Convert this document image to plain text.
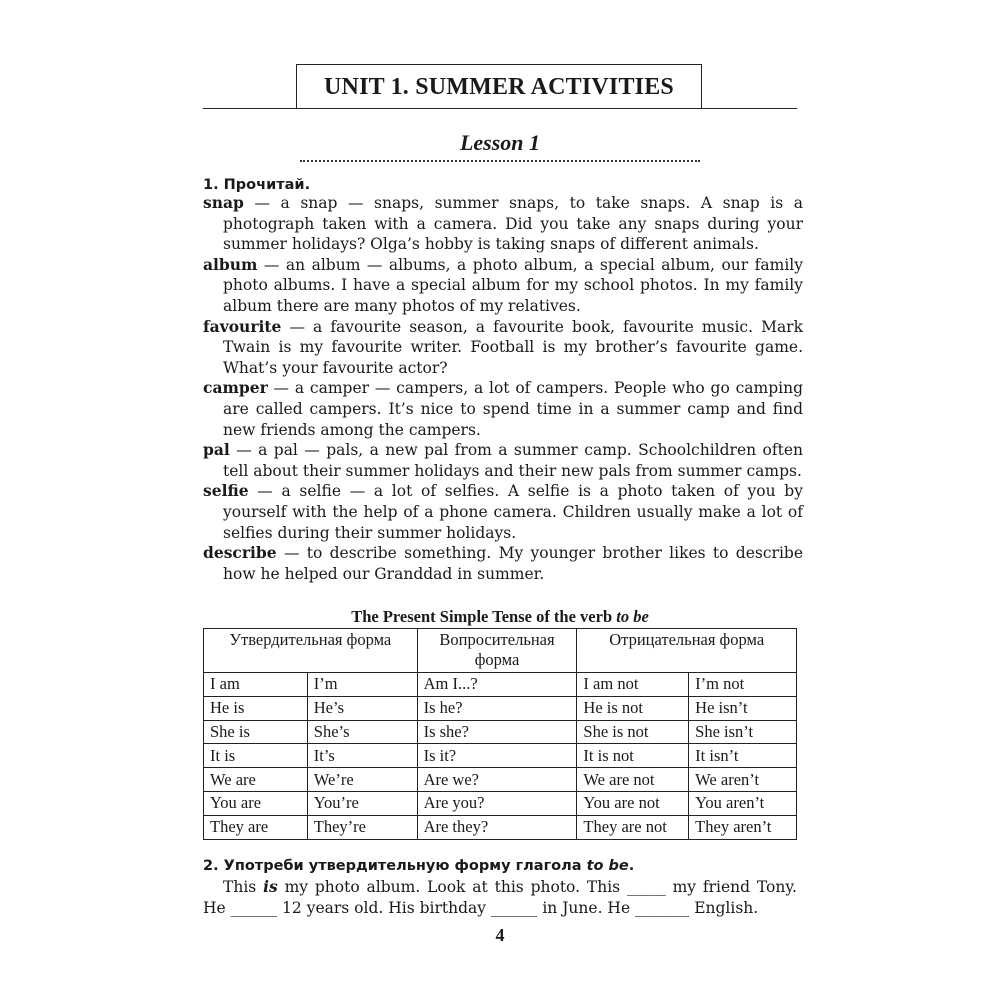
UNIT 1. SUMMER ACTIVITIES
Lesson 1

1. Прочитай.

snap — a snap — snaps, summer snaps, to take snaps. A snap is a photograph taken with a camera. Did you take any snaps during your summer holidays? Olga’s hobby is taking snaps of different animals.

album — an album — albums, a photo album, a special album, our family photo albums. I have a special album for my school photos. In my family album there are many photos of my relatives.

favourite — a favourite season, a favourite book, favourite music. Mark Twain is my favourite writer. Football is my brother’s favourite game. What’s your favourite actor?

camper — a camper — campers, a lot of campers. People who go camping are called campers. It’s nice to spend time in a summer camp and find new friends among the campers.

pal — a pal — pals, a new pal from a summer camp. Schoolchildren often tell about their summer holidays and their new pals from summer camps.

selfie — a selfie — a lot of selfies. A selfie is a photo taken of you by yourself with the help of a phone camera. Children usually make a lot of selfies during their summer holidays.

describe — to describe something. My younger brother likes to describe how he helped our Granddad in summer.

The Present Simple Tense of the verb to be
Утвердительная форма		Вопросительная форма	Отрицательная форма	
I am	I’m	Am I...?	I am not	I’m not
He is	He’s	Is he?	He is not	He isn’t
She is	She’s	Is she?	She is not	She isn’t
It is	It’s	Is it?	It is not	It isn’t
We are	We’re	Are we?	We are not	We aren’t
You are	You’re	Are you?	You are not	You aren’t
They are	They’re	Are they?	They are not	They aren’t
2. Употреби утвердительную форму глагола to be.
This is my photo album. Look at this photo. This _____ my friend Tony. He ______ 12 years old. His birthday ______ in June. He _______ English.
4
